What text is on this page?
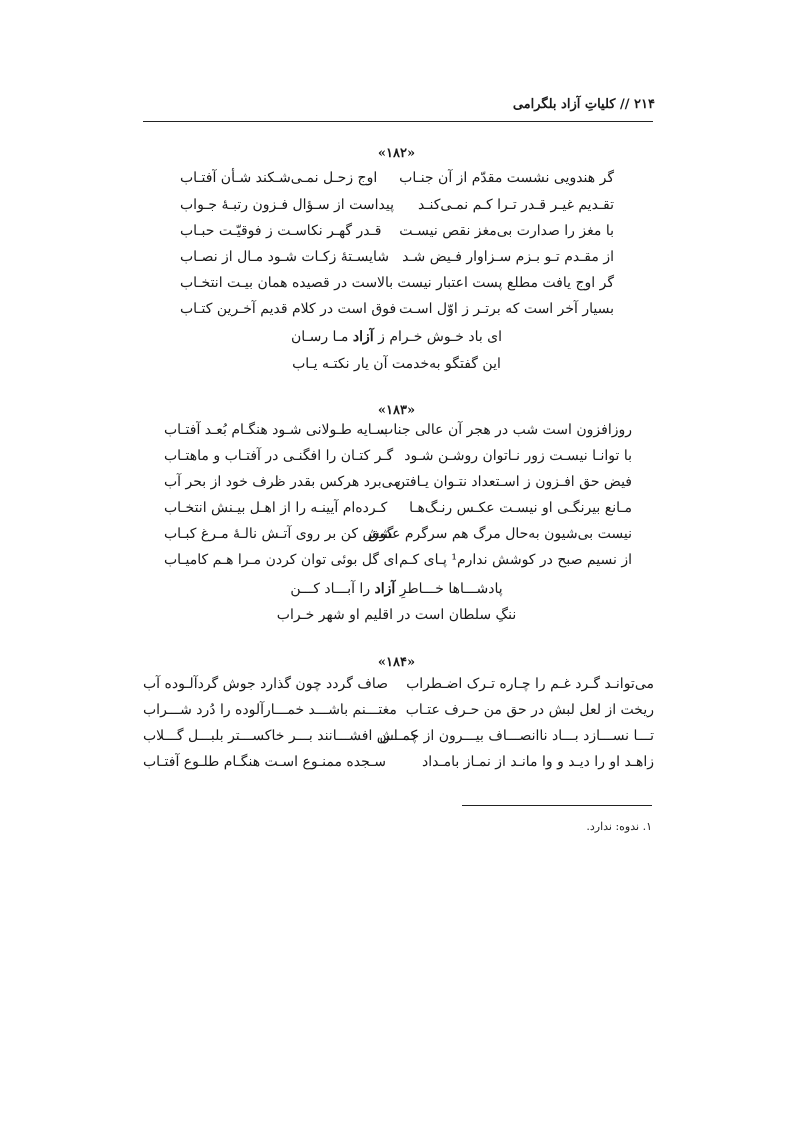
۲۱۴ // کلیاتِ آزاد بلگرامی
«۱۸۲»
گر هندویی نشست مقدّم از آن جنـاب
اوج زحـل نمـی‌شـکند شـأن آفتـاب
تقـدیم غیـر قـدر تـرا کـم نمـی‌کنـد
پیداست از سـؤال فـزون رتبـهٔ جـواب
با مغز را صدارت بی‌مغز نقص نیسـت
قـدر گهـر نکاسـت ز فوقیّـت حبـاب
از مقـدم تـو بـزم سـزاوار فـیض شـد
شایسـتهٔ زکـات شـود مـال از نصـاب
گر اوج یافت مطلع پست اعتبار نیست
بالاست در قصیده همان بیـت انتخـاب
بسیار آخر است که برتـر ز اوّل اسـت
فوق است در کلام قدیم آخـرین کتـاب
ای باد خـوش خـرام ز آزاد مـا رسـان
این گفتگو به‌خدمت آن یار نکتـه یـاب
«۱۸۳»
روزافزون است شب در هجر آن عالی جناب
سـایه طـولانی شـود هنگـام بُعـد آفتـاب
با توانـا نیسـت زور نـاتوان روشـن شـود
گـر کتـان را افگنـی در آفتـاب و ماهتـاب
فیض حق افـزون ز اسـتعداد نتـوان یـافتن
می‌برد هرکس بقدر ظرف خود از بحر آب
مـانع بیرنگـی او نیسـت عکـس رنـگ‌هـا
کـرده‌ام آیینـه را از اهـل بیـنش انتخـاب
نیست بی‌شیون به‌حال مرگ هم سرگرم عشق
گوش کن بر روی آتـش نالـهٔ مـرغ کبـاب
از نسیم صبح در کوشش ندارم¹ پـای کـم
ای گل بوئی توان کردن مـرا هـم کامیـاب
پادشـــاها خـــاطرِ آزاد را آبـــاد کـــن
ننگِ سلطان است در اقلیم او شهر خـراب
«۱۸۴»
می‌توانـد گـرد غـم را چـاره تـرک اضـطراب
صاف گردد چون گذارد جوش گردآلـوده آب
ریخت از لعل لبش در حق من حـرف عتـاب
مغتـــنم باشـــد خمـــارآلوده را دُرد شـــراب
تـــا نســـازد بـــاد ناانصـــاف بیـــرون از چمـــن
کـــاش افشـــانند بـــر خاکســـتر بلبـــل گـــلاب
زاهـد او را دیـد و وا مانـد از نمـاز بامـداد
سـجده ممنـوع اسـت هنگـام طلـوع آفتـاب
۱. ندوه: ندارد.
